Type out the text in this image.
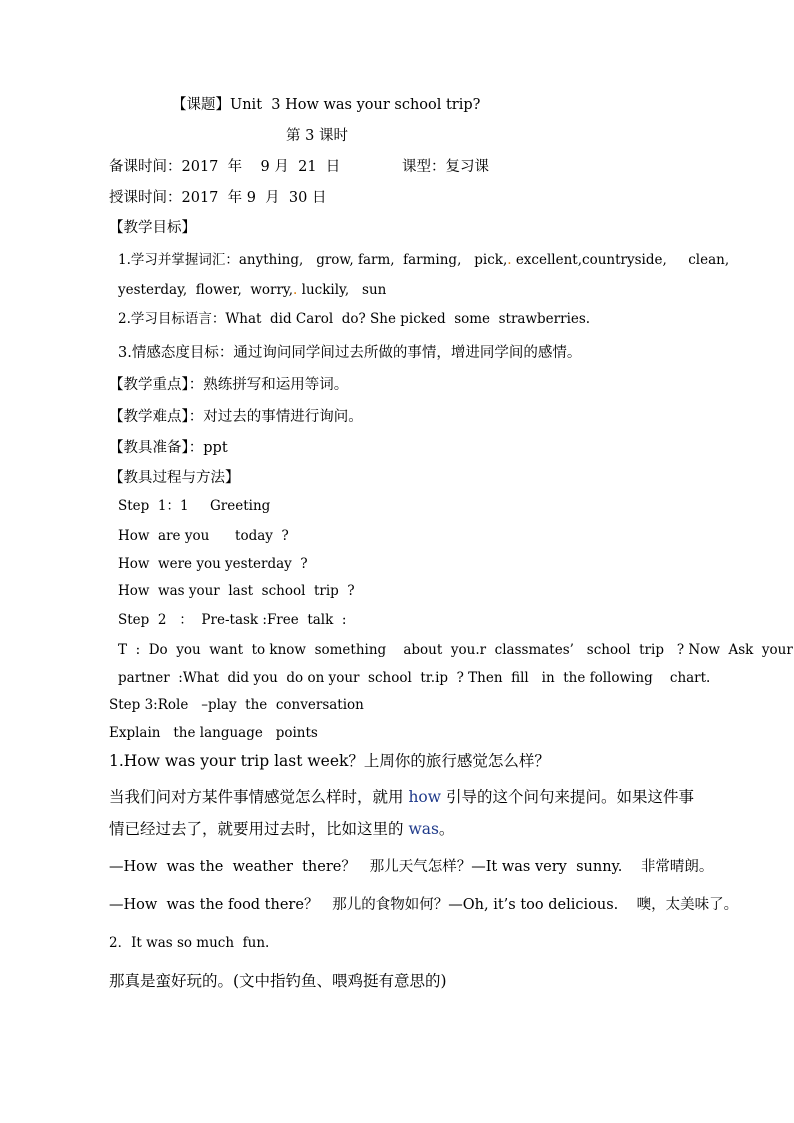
【课题】Unit  3 How was your school trip?
第 3 课时
备课时间：2017  年    9 月  21  日	课型：复习课
授课时间：2017  年 9  月  30 日
【教学目标】
1.学习并掌握词汇：anything,   grow, farm,  farming,   pick,. excellent,countryside,     clean,
yesterday,  flower,  worry,. luckily,   sun
2.学习目标语言：What  did Carol  do? She picked  some  strawberries.
3.情感态度目标：通过询问同学间过去所做的事情，增进同学间的感情。
【教学重点】：熟练拼写和运用等词。
【教学难点】：对过去的事情进行询问。
【教具准备】：ppt
【教具过程与方法】
Step  1：1     Greeting
How  are you      today  ?
How  were you yesterday  ?
How  was your  last  school  trip  ?
Step  2   ：  Pre-task :Free  talk  :
T  :  Do  you  want  to know  something    about  you.r  classmates’   school  trip   ? Now  Ask  your
partner  :What  did you  do on your  school  tr.ip  ? Then  fill   in  the following    chart.
Step 3:Role   –play  the  conversation
Explain   the language   points
1.How was your trip last week？上周你的旅行感觉怎么样？
当我们问对方某件事情感觉怎么样时，就用 how 引导的这个问句来提问。如果这件事
情已经过去了，就要用过去时，比如这里的 was。
—How  was the  weather  there？   那儿天气怎样？—It was very  sunny.    非常晴朗。
—How  was the food there？   那儿的食物如何？—Oh, it’s too delicious.    噢，太美味了。
2．It was so much  fun.
那真是蛮好玩的。(文中指钓鱼、喂鸡挺有意思的)
